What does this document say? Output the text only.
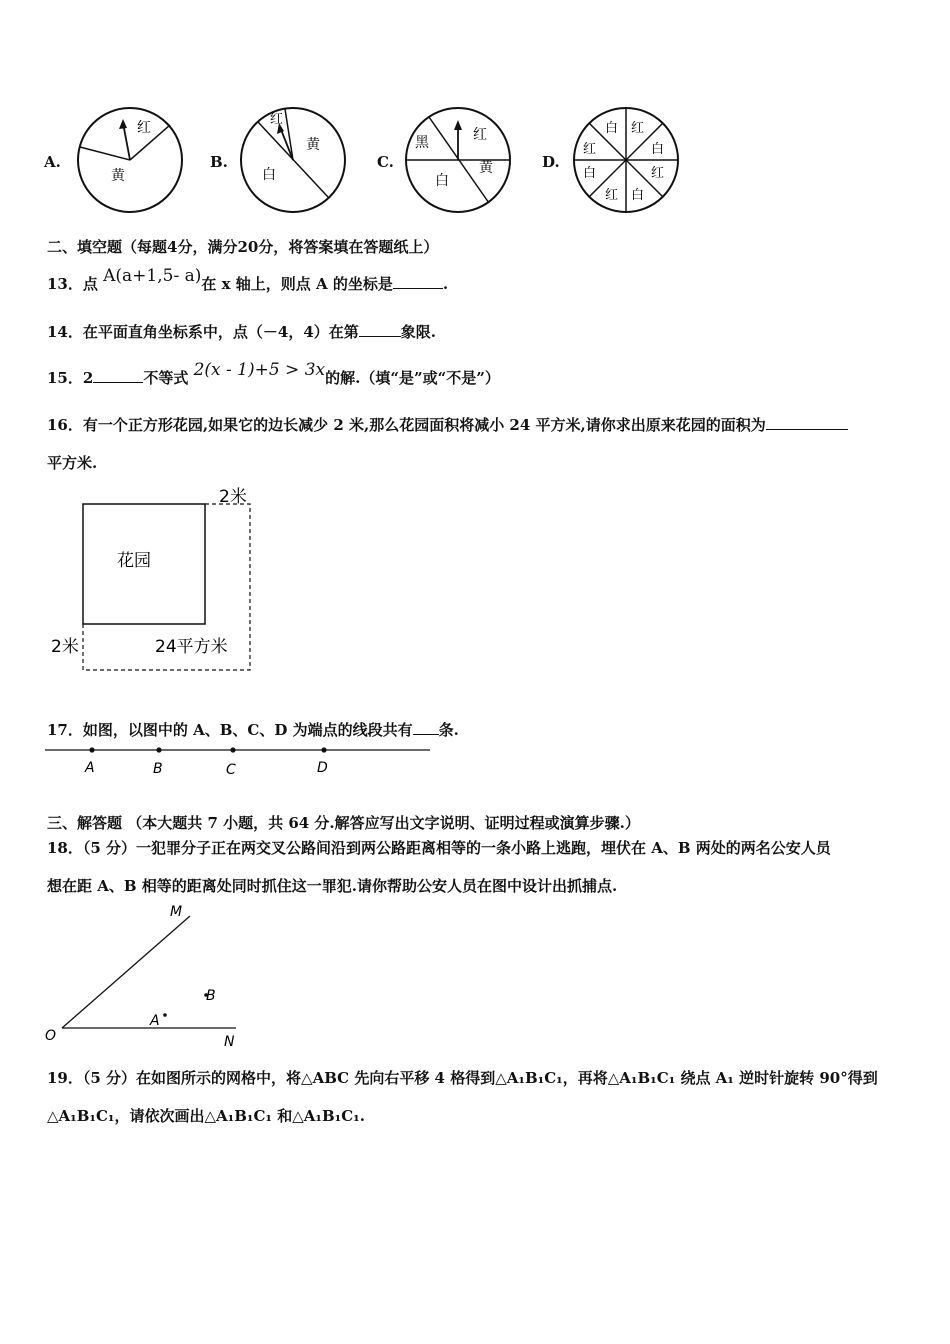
A.
红
黄
B.
红
黄
白
C.
黑	红
黄
白
D.
白 红
红	白
白	红
红 白
二、填空题（每题4分，满分20分，将答案填在答题纸上）
13．点 A(a+1,5- a)在 x 轴上，则点 A 的坐标是	.
14．在平面直角坐标系中，点（－4，4）在第	象限.
15．2	不等式 2(x - 1)+5 > 3x的解.（填“是”或“不是”）
16．有一个正方形花园,如果它的边长减少 2 米,那么花园面积将减小 24 平方米,请你求出原来花园的面积为
平方米.
花园
2米
2米	24平方米
17．如图，以图中的 A、B、C、D 为端点的线段共有 条.
A	B	C	D
三、解答题 （本大题共 7 小题，共 64 分.解答应写出文字说明、证明过程或演算步骤.）
18．（5 分）一犯罪分子正在两交叉公路间沿到两公路距离相等的一条小路上逃跑，埋伏在 A、B 两处的两名公安人员
想在距 A、B 相等的距离处同时抓住这一罪犯.请你帮助公安人员在图中设计出抓捕点.
O
M
N
A
B
19．（5 分）在如图所示的网格中，将△ABC 先向右平移 4 格得到△A₁B₁C₁，再将△A₁B₁C₁ 绕点 A₁ 逆时针旋转 90°得到
△A₁B₁C₁，请依次画出△A₁B₁C₁ 和△A₁B₁C₁.
